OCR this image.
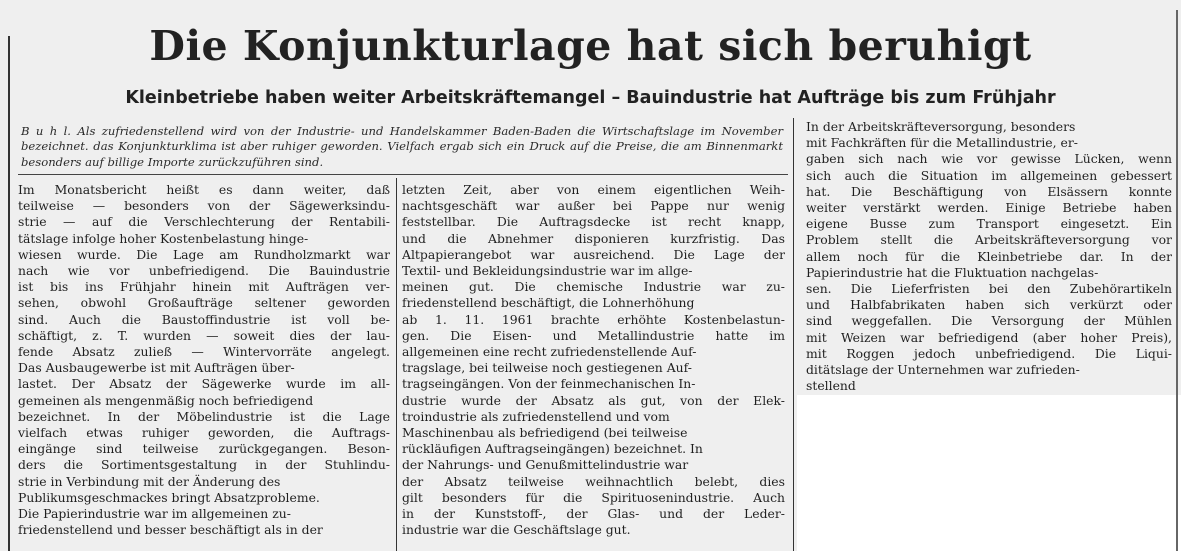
Die Konjunkturlage hat sich beruhigt
Kleinbetriebe haben weiter Arbeitskräftemangel – Bauindustrie hat Aufträge bis zum Frühjahr
B u h l. Als zufriedenstellend wird von der Industrie- und Handelskammer Baden-Baden die Wirtschaftslage im November bezeichnet. das Konjunkturklima ist aber ruhiger geworden. Vielfach ergab sich ein Druck auf die Preise, die am Binnenmarkt besonders auf billige Importe zurückzuführen sind.
Im Monatsbericht heißt es dann weiter, daß
teilweise — besonders von der Sägewerksindu-
strie — auf die Verschlechterung der Rentabili-
tätslage infolge hoher Kostenbelastung hinge-
wiesen wurde. Die Lage am Rundholzmarkt war
nach wie vor unbefriedigend. Die Bauindustrie
ist bis ins Frühjahr hinein mit Aufträgen ver-
sehen, obwohl Großaufträge seltener geworden
sind. Auch die Baustoffindustrie ist voll be-
schäftigt, z. T. wurden — soweit dies der lau-
fende Absatz zuließ — Wintervorräte angelegt.
Das Ausbaugewerbe ist mit Aufträgen über-
lastet. Der Absatz der Sägewerke wurde im all-
gemeinen als mengenmäßig noch befriedigend
bezeichnet. In der Möbelindustrie ist die Lage
vielfach etwas ruhiger geworden, die Auftrags-
eingänge sind teilweise zurückgegangen. Beson-
ders die Sortimentsgestaltung in der Stuhlindu-
strie in Verbindung mit der Änderung des
Publikumsgeschmackes bringt Absatzprobleme.
Die Papierindustrie war im allgemeinen zu-
friedenstellend und besser beschäftigt als in der
letzten Zeit, aber von einem eigentlichen Weih-
nachtsgeschäft war außer bei Pappe nur wenig
feststellbar. Die Auftragsdecke ist recht knapp,
und die Abnehmer disponieren kurzfristig. Das
Altpapierangebot war ausreichend. Die Lage der
Textil- und Bekleidungsindustrie war im allge-
meinen gut. Die chemische Industrie war zu-
friedenstellend beschäftigt, die Lohnerhöhung
ab 1. 11. 1961 brachte erhöhte Kostenbelastun-
gen. Die Eisen- und Metallindustrie hatte im
allgemeinen eine recht zufriedenstellende Auf-
tragslage, bei teilweise noch gestiegenen Auf-
tragseingängen. Von der feinmechanischen In-
dustrie wurde der Absatz als gut, von der Elek-
troindustrie als zufriedenstellend und vom
Maschinenbau als befriedigend (bei teilweise
rückläufigen Auftragseingängen) bezeichnet. In
der Nahrungs- und Genußmittelindustrie war
der Absatz teilweise weihnachtlich belebt, dies
gilt besonders für die Spirituosenindustrie. Auch
in der Kunststoff-, der Glas- und der Leder-
industrie war die Geschäftslage gut.
In der Arbeitskräfteversorgung, besonders
mit Fachkräften für die Metallindustrie, er-
gaben sich nach wie vor gewisse Lücken, wenn
sich auch die Situation im allgemeinen gebessert
hat. Die Beschäftigung von Elsässern konnte
weiter verstärkt werden. Einige Betriebe haben
eigene Busse zum Transport eingesetzt. Ein
Problem stellt die Arbeitskräfteversorgung vor
allem noch für die Kleinbetriebe dar. In der
Papierindustrie hat die Fluktuation nachgelas-
sen. Die Lieferfristen bei den Zubehörartikeln
und Halbfabrikaten haben sich verkürzt oder
sind weggefallen. Die Versorgung der Mühlen
mit Weizen war befriedigend (aber hoher Preis),
mit Roggen jedoch unbefriedigend. Die Liqui-
ditätslage der Unternehmen war zufrieden-
stellend
